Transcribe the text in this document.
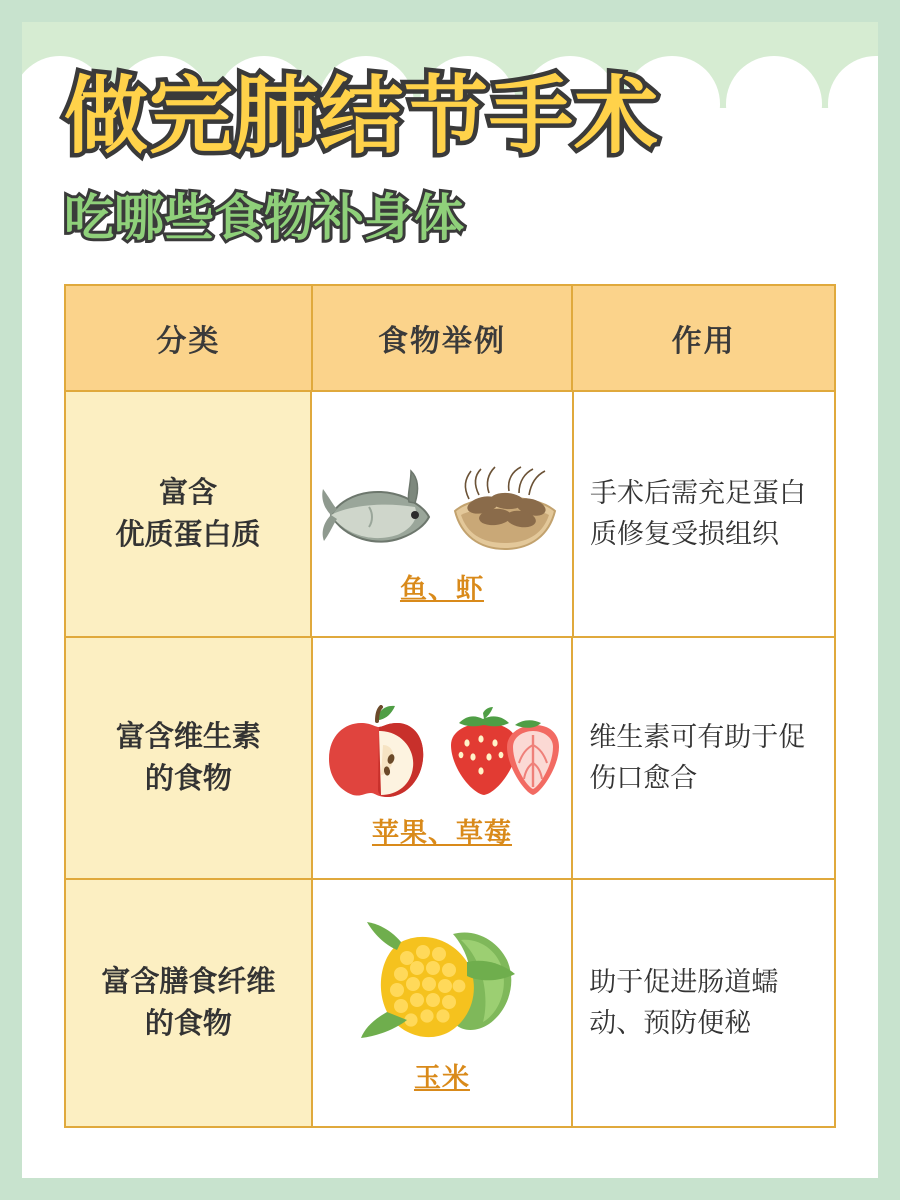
做完肺结节手术
吃哪些食物补身体
分类	食物举例	作用
富含
优质蛋白质
鱼、虾
手术后需充足蛋白质修复受损组织
富含维生素
的食物
苹果、草莓
维生素可有助于促伤口愈合
富含膳食纤维
的食物
玉米
助于促进肠道蠕动、预防便秘
